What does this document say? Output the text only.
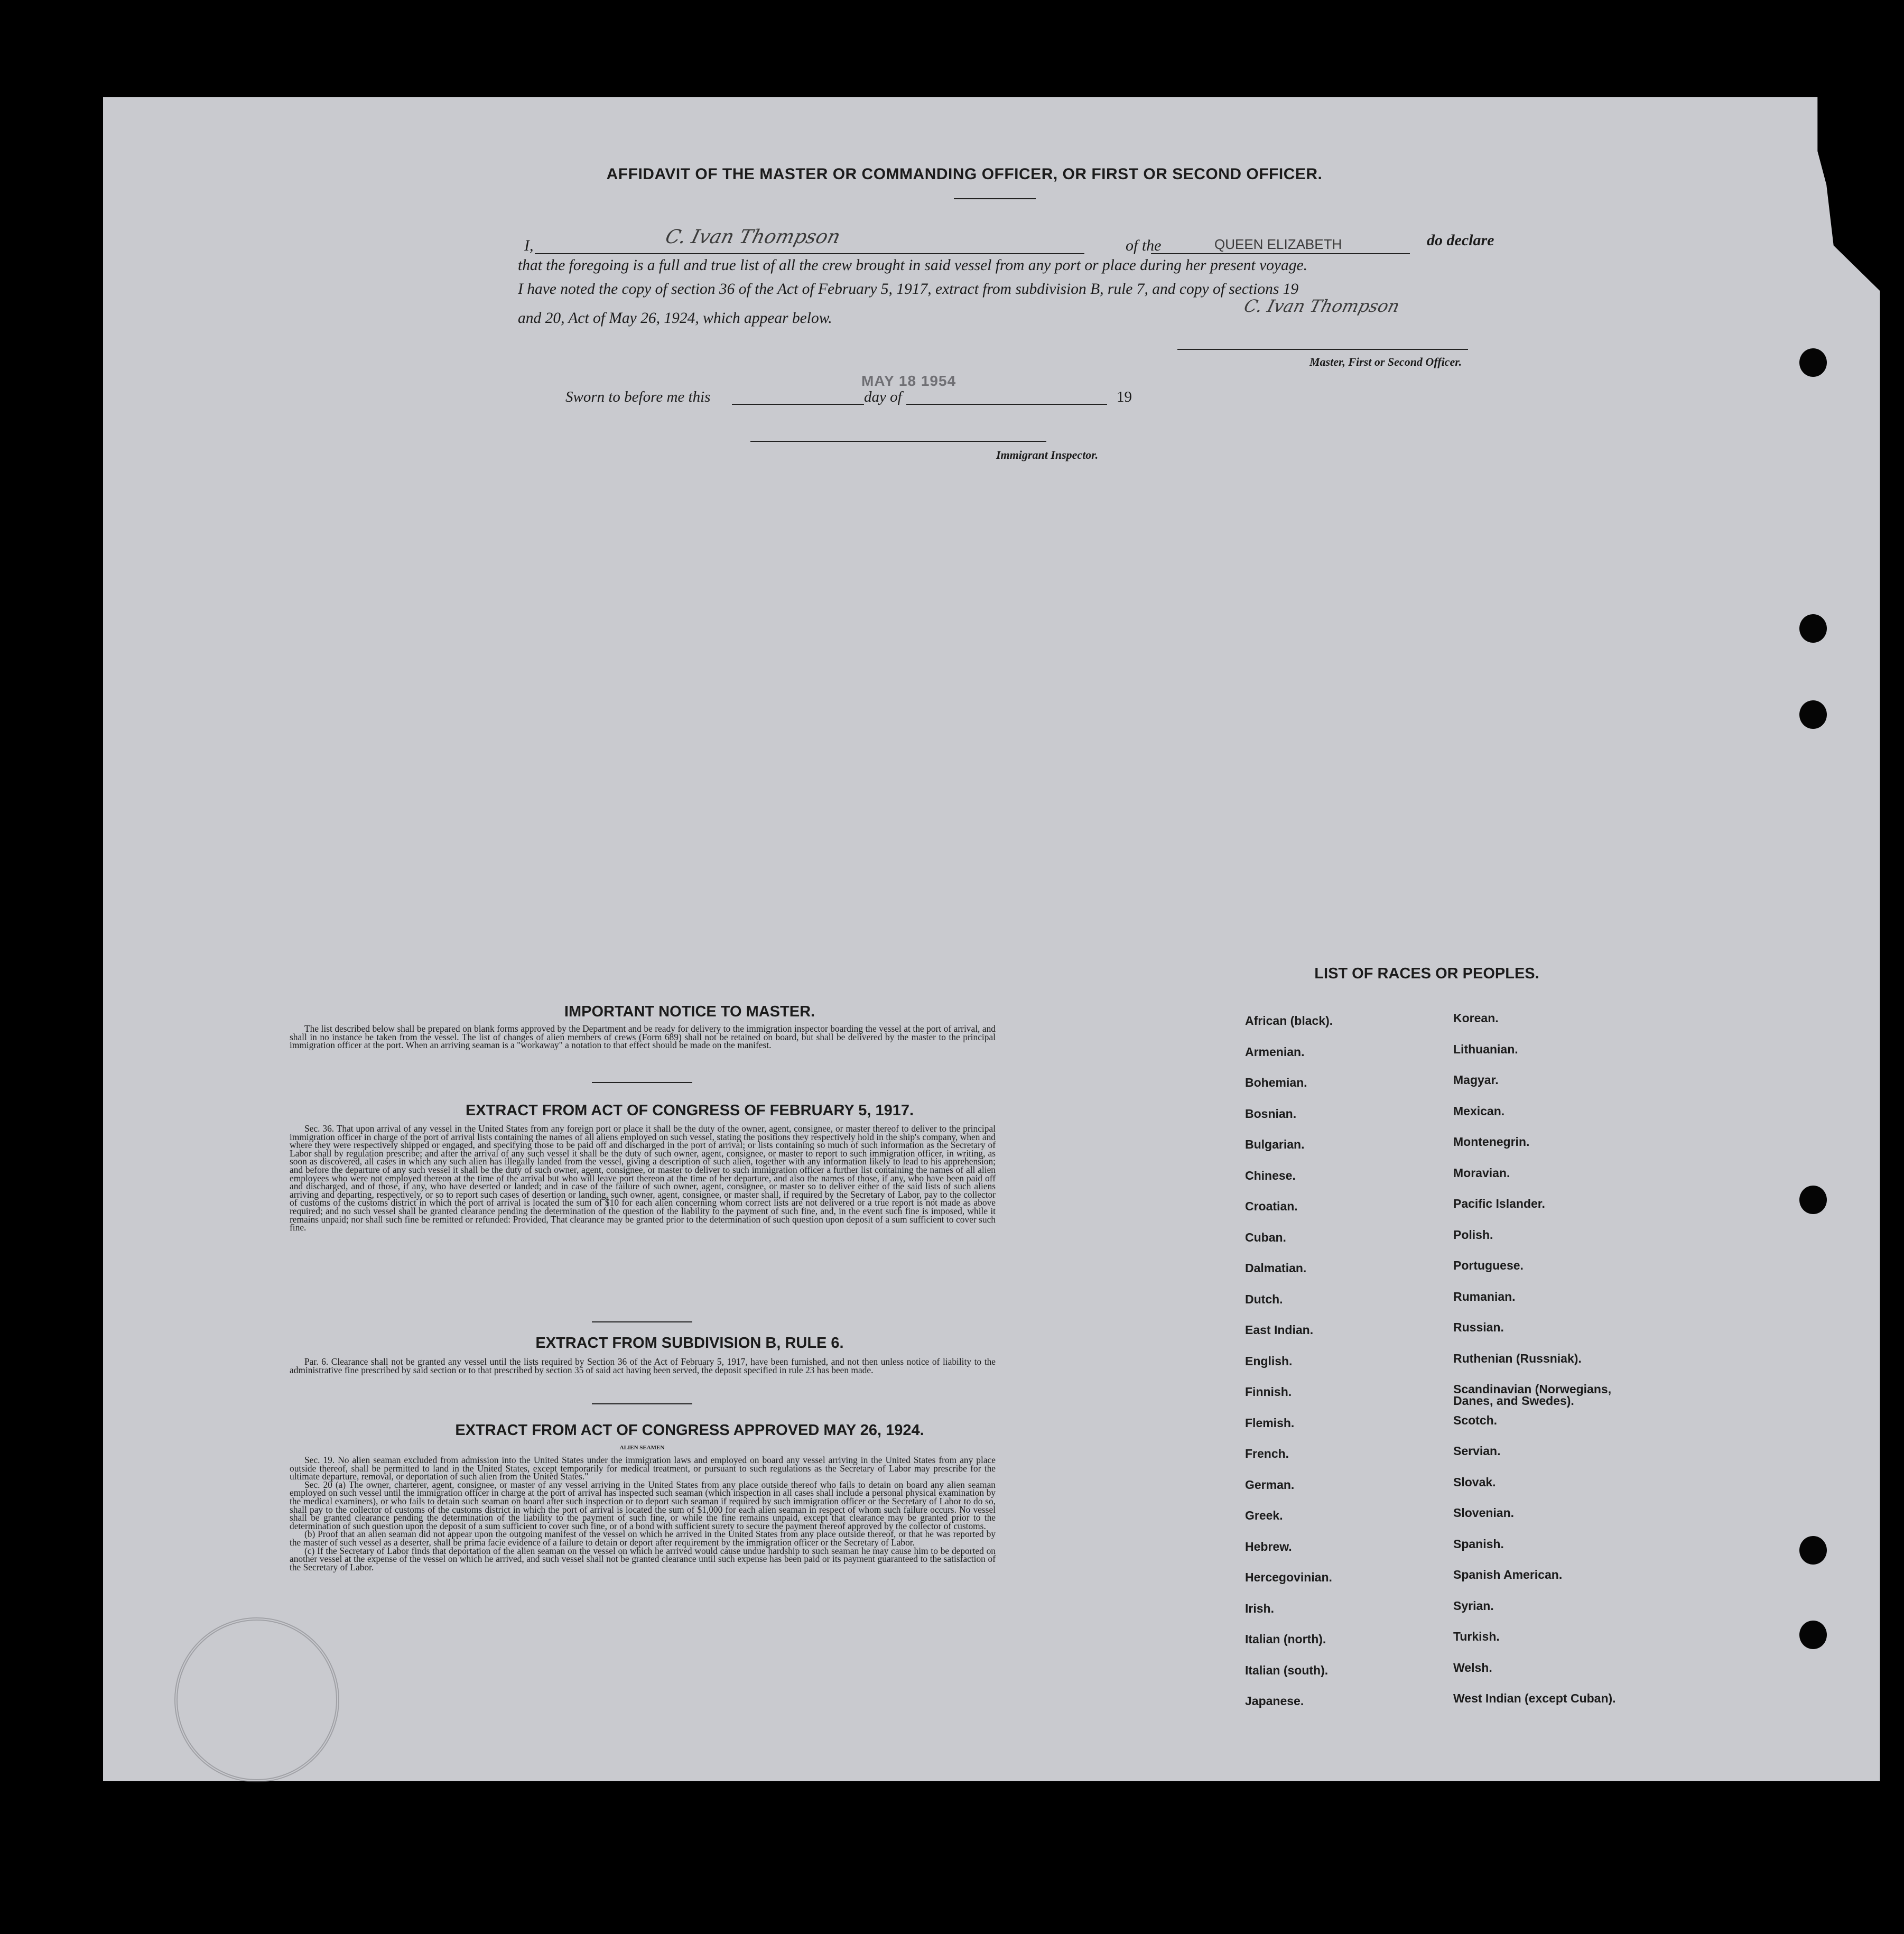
AFFIDAVIT OF THE MASTER OR COMMANDING OFFICER, OR FIRST OR SECOND OFFICER.
I,	C. Ivan Thompson	of the	QUEEN ELIZABETH	do declare
that the foregoing is a full and true list of all the crew brought in said vessel from any port or place during her present voyage.
I have noted the copy of section 36 of the Act of February 5, 1917, extract from subdivision B, rule 7, and copy of sections 19
and 20, Act of May 26, 1924, which appear below.
C. Ivan Thompson
Master, First or Second Officer.
MAY 18 1954
Sworn to before me this	day of	19
Immigrant Inspector.
IMPORTANT NOTICE TO MASTER.

The list described below shall be prepared on blank forms approved by the Department and be ready for delivery to the immigration inspector boarding the vessel at the port of arrival, and shall in no instance be taken from the vessel. The list of changes of alien members of crews (Form 689) shall not be retained on board, but shall be delivered by the master to the principal immigration officer at the port. When an arriving seaman is a "workaway" a notation to that effect should be made on the manifest.

EXTRACT FROM ACT OF CONGRESS OF FEBRUARY 5, 1917.

Sec. 36. That upon arrival of any vessel in the United States from any foreign port or place it shall be the duty of the owner, agent, consignee, or master thereof to deliver to the principal immigration officer in charge of the port of arrival lists containing the names of all aliens employed on such vessel, stating the positions they respectively hold in the ship's company, when and where they were respectively shipped or engaged, and specifying those to be paid off and discharged in the port of arrival; or lists containing so much of such information as the Secretary of Labor shall by regulation prescribe; and after the arrival of any such vessel it shall be the duty of such owner, agent, consignee, or master to report to such immigration officer, in writing, as soon as discovered, all cases in which any such alien has illegally landed from the vessel, giving a description of such alien, together with any information likely to lead to his apprehension; and before the departure of any such vessel it shall be the duty of such owner, agent, consignee, or master to deliver to such immigration officer a further list containing the names of all alien employees who were not employed thereon at the time of the arrival but who will leave port thereon at the time of her departure, and also the names of those, if any, who have been paid off and discharged, and of those, if any, who have deserted or landed; and in case of the failure of such owner, agent, consignee, or master so to deliver either of the said lists of such aliens arriving and departing, respectively, or so to report such cases of desertion or landing, such owner, agent, consignee, or master shall, if required by the Secretary of Labor, pay to the collector of customs of the customs district in which the port of arrival is located the sum of $10 for each alien concerning whom correct lists are not delivered or a true report is not made as above required; and no such vessel shall be granted clearance pending the determination of the question of the liability to the payment of such fine, and, in the event such fine is imposed, while it remains unpaid; nor shall such fine be remitted or refunded: Provided, That clearance may be granted prior to the determination of such question upon deposit of a sum sufficient to cover such fine.

EXTRACT FROM SUBDIVISION B, RULE 6.

Par. 6. Clearance shall not be granted any vessel until the lists required by Section 36 of the Act of February 5, 1917, have been furnished, and not then unless notice of liability to the administrative fine prescribed by said section or to that prescribed by section 35 of said act having been served, the deposit specified in rule 23 has been made.

EXTRACT FROM ACT OF CONGRESS APPROVED MAY 26, 1924.
ALIEN SEAMEN

Sec. 19. No alien seaman excluded from admission into the United States under the immigration laws and employed on board any vessel arriving in the United States from any place outside thereof, shall be permitted to land in the United States, except temporarily for medical treatment, or pursuant to such regulations as the Secretary of Labor may prescribe for the ultimate departure, removal, or deportation of such alien from the United States."

Sec. 20 (a) The owner, charterer, agent, consignee, or master of any vessel arriving in the United States from any place outside thereof who fails to detain on board any alien seaman employed on such vessel until the immigration officer in charge at the port of arrival has inspected such seaman (which inspection in all cases shall include a personal physical examination by the medical examiners), or who fails to detain such seaman on board after such inspection or to deport such seaman if required by such immigration officer or the Secretary of Labor to do so, shall pay to the collector of customs of the customs district in which the port of arrival is located the sum of $1,000 for each alien seaman in respect of whom such failure occurs. No vessel shall be granted clearance pending the determination of the liability to the payment of such fine, or while the fine remains unpaid, except that clearance may be granted prior to the determination of such question upon the deposit of a sum sufficient to cover such fine, or of a bond with sufficient surety to secure the payment thereof approved by the collector of customs.

(b) Proof that an alien seaman did not appear upon the outgoing manifest of the vessel on which he arrived in the United States from any place outside thereof, or that he was reported by the master of such vessel as a deserter, shall be prima facie evidence of a failure to detain or deport after requirement by the immigration officer or the Secretary of Labor.

(c) If the Secretary of Labor finds that deportation of the alien seaman on the vessel on which he arrived would cause undue hardship to such seaman he may cause him to be deported on another vessel at the expense of the vessel on which he arrived, and such vessel shall not be granted clearance until such expense has been paid or its payment guaranteed to the satisfaction of the Secretary of Labor.

LIST OF RACES OR PEOPLES.
African (black).
Armenian.
Bohemian.
Bosnian.
Bulgarian.
Chinese.
Croatian.
Cuban.
Dalmatian.
Dutch.
East Indian.
English.
Finnish.
Flemish.
French.
German.
Greek.
Hebrew.
Hercegovinian.
Irish.
Italian (north).
Italian (south).
Japanese.
Korean.
Lithuanian.
Magyar.
Mexican.
Montenegrin.
Moravian.
Pacific Islander.
Polish.
Portuguese.
Rumanian.
Russian.
Ruthenian (Russniak).
Scandinavian (Norwegians,
Danes, and Swedes).
Scotch.
Servian.
Slovak.
Slovenian.
Spanish.
Spanish American.
Syrian.
Turkish.
Welsh.
West Indian (except Cuban).
